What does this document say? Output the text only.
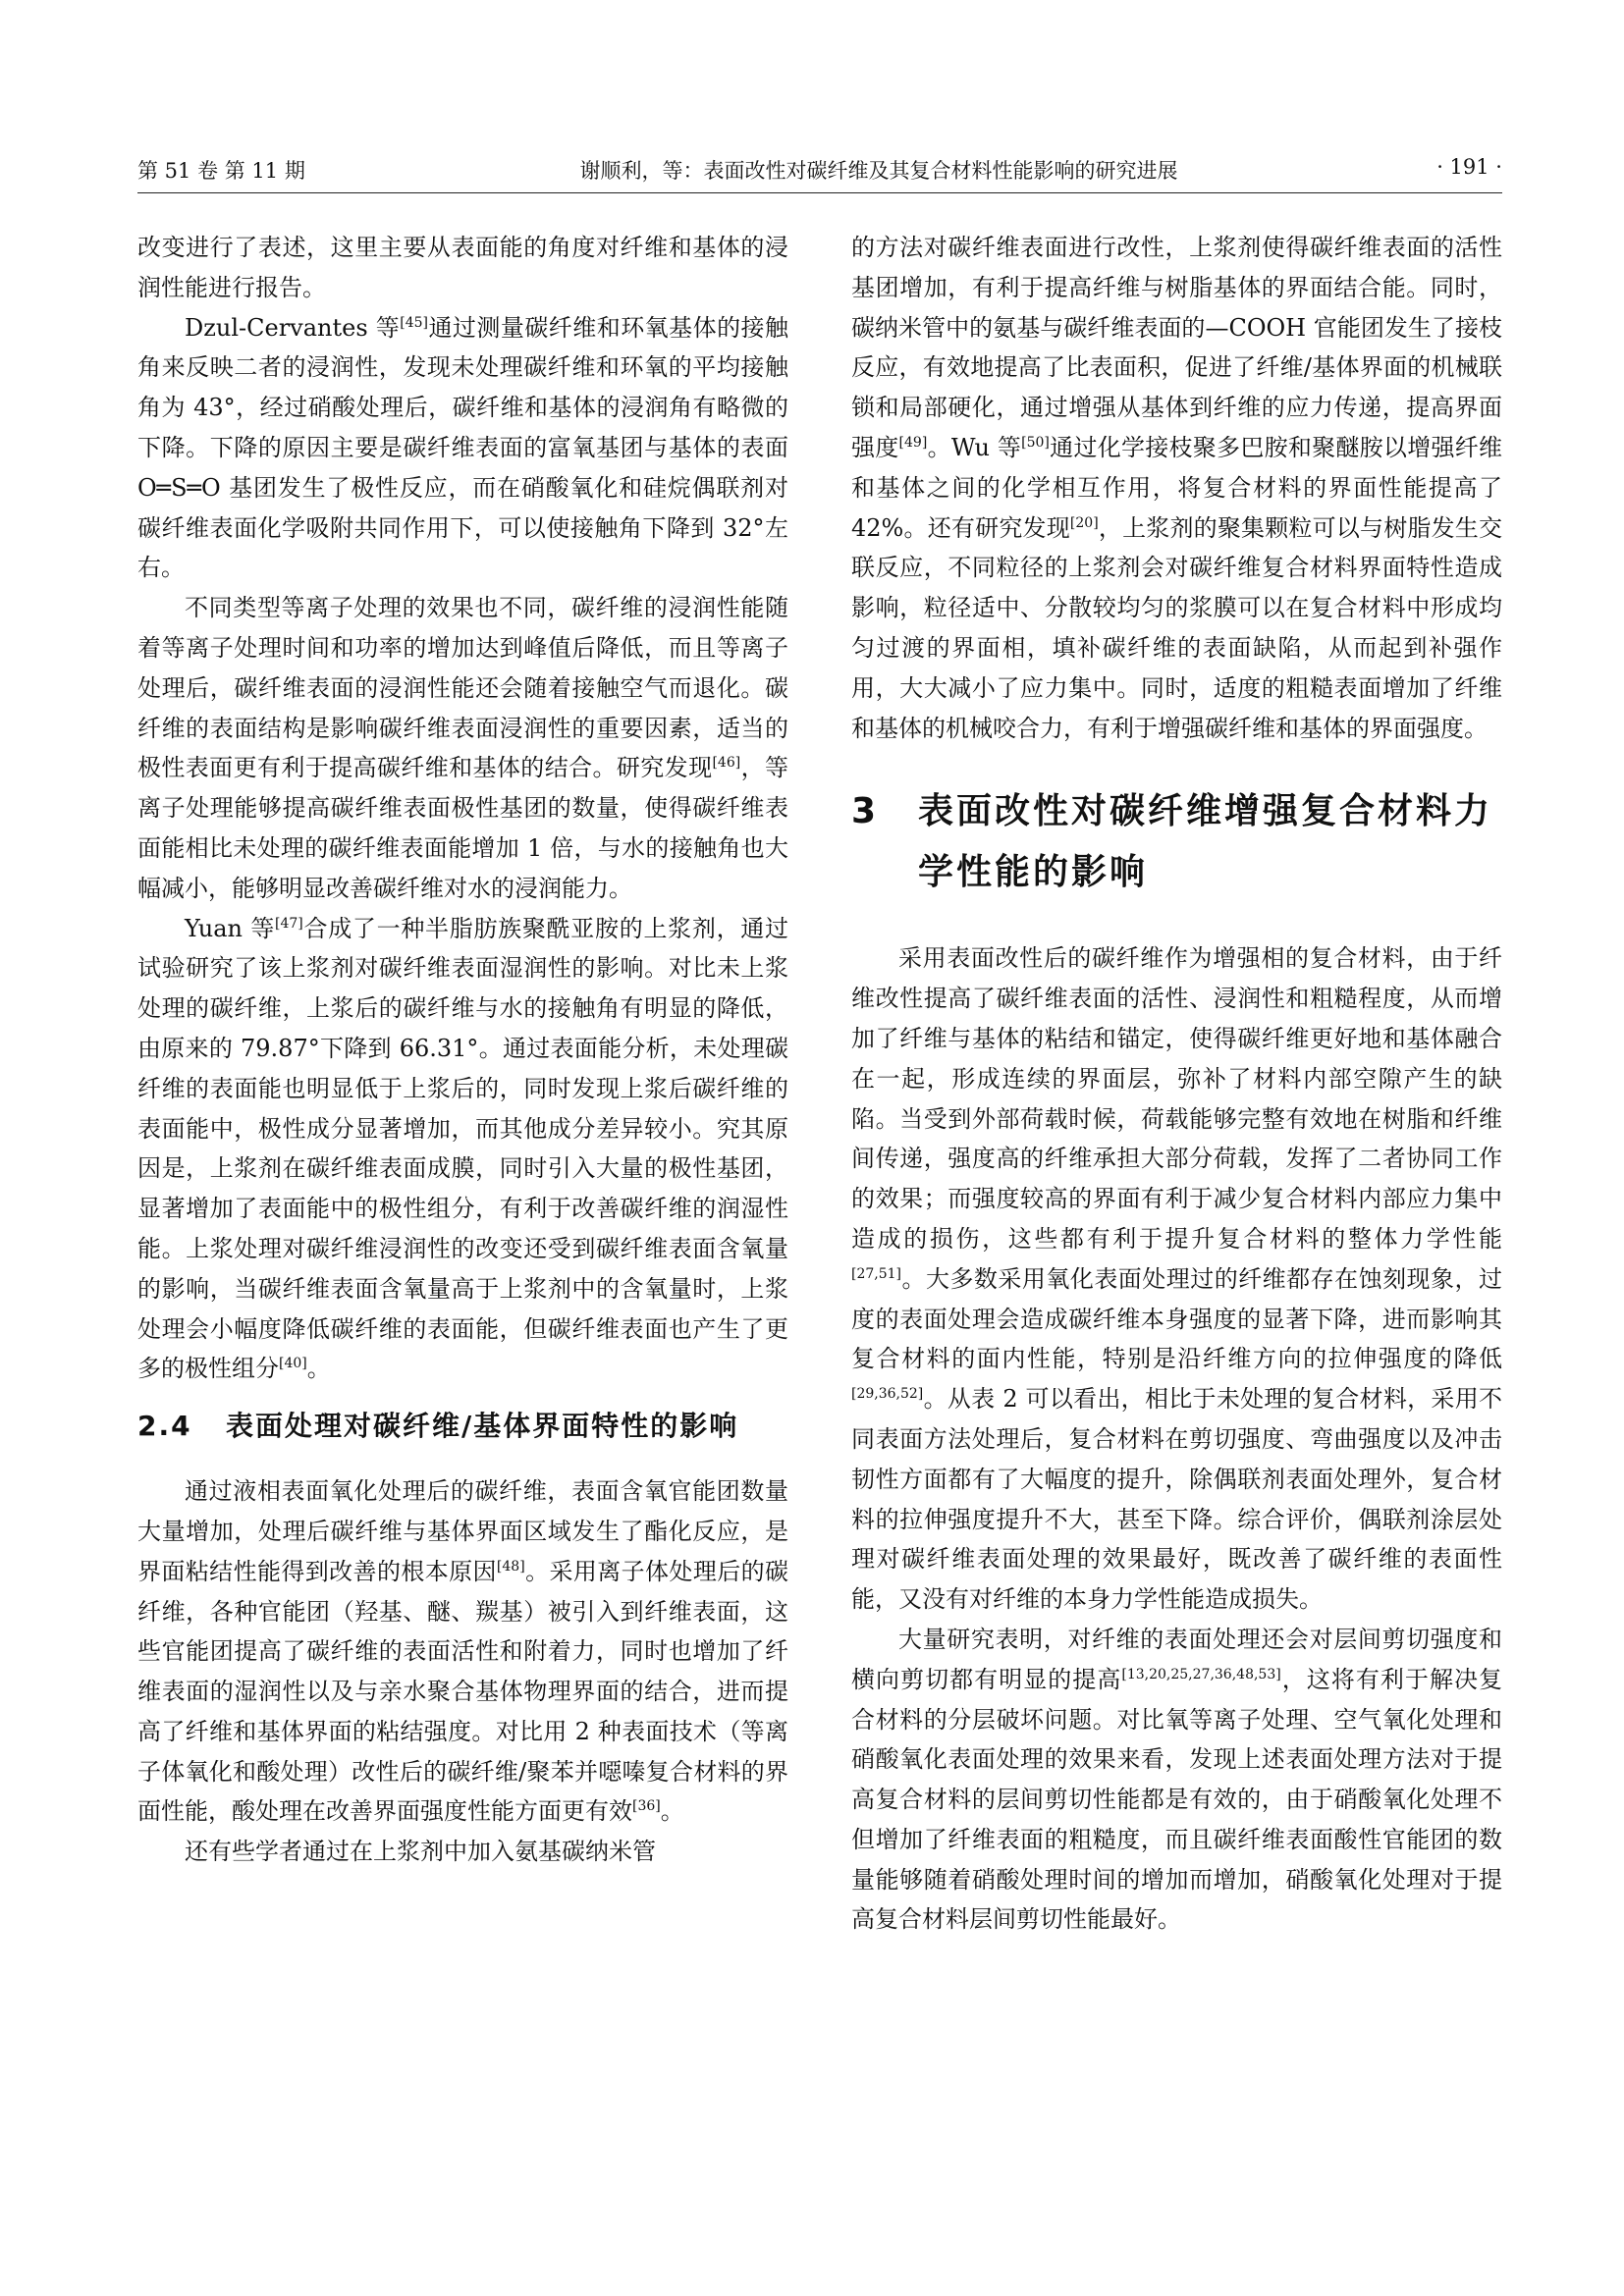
第 51 卷 第 11 期	谢顺利，等：表面改性对碳纤维及其复合材料性能影响的研究进展	· 191 ·

改变进行了表述，这里主要从表面能的角度对纤维和基体的浸润性能进行报告。

Dzul-Cervantes 等[45]通过测量碳纤维和环氧基体的接触角来反映二者的浸润性，发现未处理碳纤维和环氧的平均接触角为 43°，经过硝酸处理后，碳纤维和基体的浸润角有略微的下降。下降的原因主要是碳纤维表面的富氧基团与基体的表面 O═S═O 基团发生了极性反应，而在硝酸氧化和硅烷偶联剂对碳纤维表面化学吸附共同作用下，可以使接触角下降到 32°左右。

不同类型等离子处理的效果也不同，碳纤维的浸润性能随着等离子处理时间和功率的增加达到峰值后降低，而且等离子处理后，碳纤维表面的浸润性能还会随着接触空气而退化。碳纤维的表面结构是影响碳纤维表面浸润性的重要因素，适当的极性表面更有利于提高碳纤维和基体的结合。研究发现[46]，等离子处理能够提高碳纤维表面极性基团的数量，使得碳纤维表面能相比未处理的碳纤维表面能增加 1 倍，与水的接触角也大幅减小，能够明显改善碳纤维对水的浸润能力。

Yuan 等[47]合成了一种半脂肪族聚酰亚胺的上浆剂，通过试验研究了该上浆剂对碳纤维表面湿润性的影响。对比未上浆处理的碳纤维，上浆后的碳纤维与水的接触角有明显的降低，由原来的 79.87°下降到 66.31°。通过表面能分析，未处理碳纤维的表面能也明显低于上浆后的，同时发现上浆后碳纤维的表面能中，极性成分显著增加，而其他成分差异较小。究其原因是，上浆剂在碳纤维表面成膜，同时引入大量的极性基团，显著增加了表面能中的极性组分，有利于改善碳纤维的润湿性能。上浆处理对碳纤维浸润性的改变还受到碳纤维表面含氧量的影响，当碳纤维表面含氧量高于上浆剂中的含氧量时，上浆处理会小幅度降低碳纤维的表面能，但碳纤维表面也产生了更多的极性组分[40]。

2.4	表面处理对碳纤维/基体界面特性的影响

通过液相表面氧化处理后的碳纤维，表面含氧官能团数量大量增加，处理后碳纤维与基体界面区域发生了酯化反应，是界面粘结性能得到改善的根本原因[48]。采用离子体处理后的碳纤维，各种官能团（羟基、醚、羰基）被引入到纤维表面，这些官能团提高了碳纤维的表面活性和附着力，同时也增加了纤维表面的湿润性以及与亲水聚合基体物理界面的结合，进而提高了纤维和基体界面的粘结强度。对比用 2 种表面技术（等离子体氧化和酸处理）改性后的碳纤维/聚苯并噁嗪复合材料的界面性能，酸处理在改善界面强度性能方面更有效[36]。

还有些学者通过在上浆剂中加入氨基碳纳米管

的方法对碳纤维表面进行改性，上浆剂使得碳纤维表面的活性基团增加，有利于提高纤维与树脂基体的界面结合能。同时，碳纳米管中的氨基与碳纤维表面的—COOH 官能团发生了接枝反应，有效地提高了比表面积，促进了纤维/基体界面的机械联锁和局部硬化，通过增强从基体到纤维的应力传递，提高界面强度[49]。Wu 等[50]通过化学接枝聚多巴胺和聚醚胺以增强纤维和基体之间的化学相互作用，将复合材料的界面性能提高了 42%。还有研究发现[20]，上浆剂的聚集颗粒可以与树脂发生交联反应，不同粒径的上浆剂会对碳纤维复合材料界面特性造成影响，粒径适中、分散较均匀的浆膜可以在复合材料中形成均匀过渡的界面相，填补碳纤维的表面缺陷，从而起到补强作用，大大减小了应力集中。同时，适度的粗糙表面增加了纤维和基体的机械咬合力，有利于增强碳纤维和基体的界面强度。

3	表面改性对碳纤维增强复合材料力学性能的影响

采用表面改性后的碳纤维作为增强相的复合材料，由于纤维改性提高了碳纤维表面的活性、浸润性和粗糙程度，从而增加了纤维与基体的粘结和锚定，使得碳纤维更好地和基体融合在一起，形成连续的界面层，弥补了材料内部空隙产生的缺陷。当受到外部荷载时候，荷载能够完整有效地在树脂和纤维间传递，强度高的纤维承担大部分荷载，发挥了二者协同工作的效果；而强度较高的界面有利于减少复合材料内部应力集中造成的损伤，这些都有利于提升复合材料的整体力学性能[27,51]。大多数采用氧化表面处理过的纤维都存在蚀刻现象，过度的表面处理会造成碳纤维本身强度的显著下降，进而影响其复合材料的面内性能，特别是沿纤维方向的拉伸强度的降低[29,36,52]。从表 2 可以看出，相比于未处理的复合材料，采用不同表面方法处理后，复合材料在剪切强度、弯曲强度以及冲击韧性方面都有了大幅度的提升，除偶联剂表面处理外，复合材料的拉伸强度提升不大，甚至下降。综合评价，偶联剂涂层处理对碳纤维表面处理的效果最好，既改善了碳纤维的表面性能，又没有对纤维的本身力学性能造成损失。

大量研究表明，对纤维的表面处理还会对层间剪切强度和横向剪切都有明显的提高[13,20,25,27,36,48,53]，这将有利于解决复合材料的分层破坏问题。对比氧等离子处理、空气氧化处理和硝酸氧化表面处理的效果来看，发现上述表面处理方法对于提高复合材料的层间剪切性能都是有效的，由于硝酸氧化处理不但增加了纤维表面的粗糙度，而且碳纤维表面酸性官能团的数量能够随着硝酸处理时间的增加而增加，硝酸氧化处理对于提高复合材料层间剪切性能最好。
